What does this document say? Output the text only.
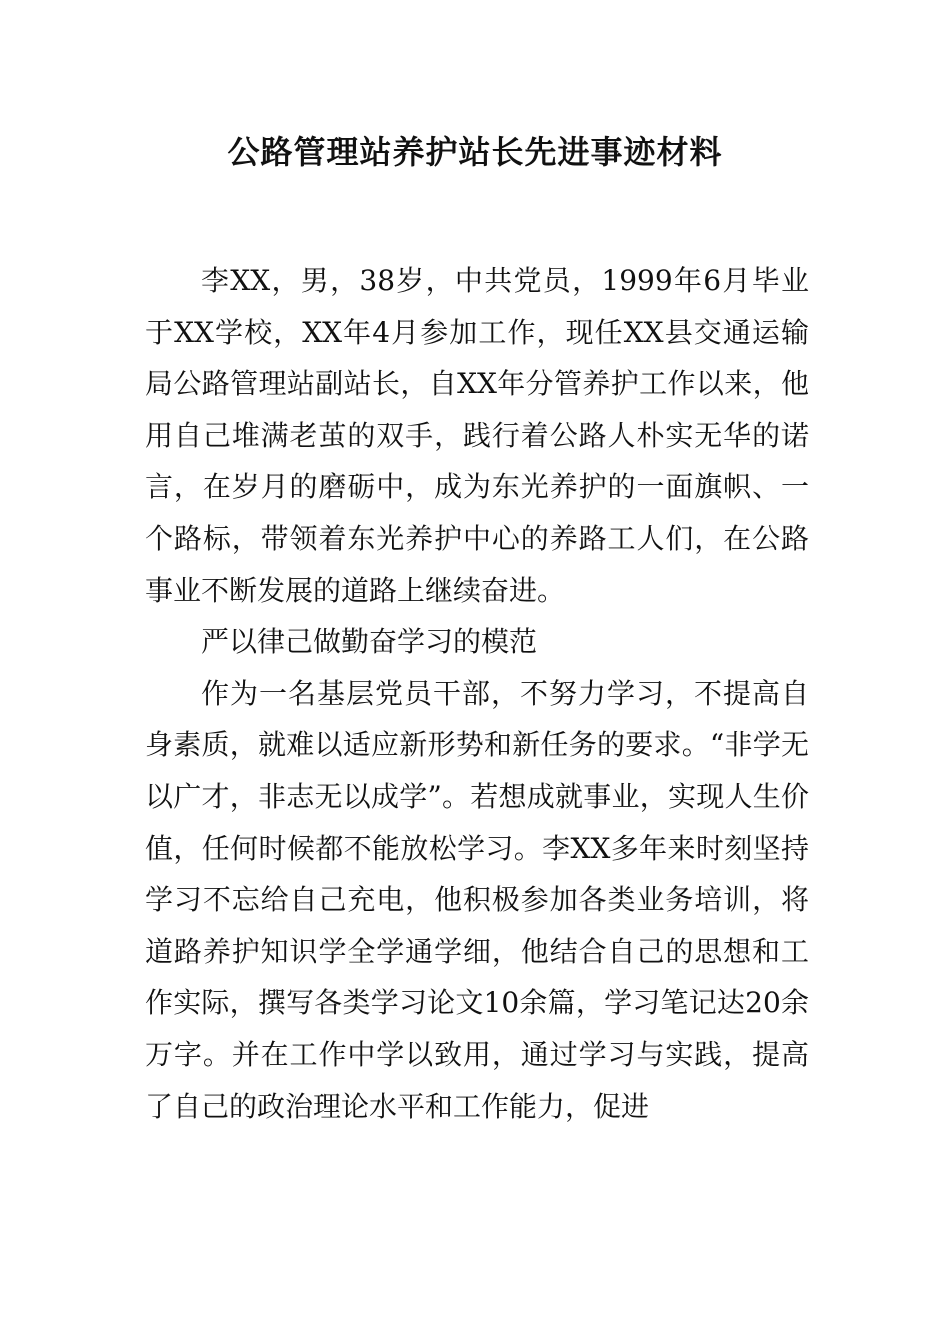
公路管理站养护站长先进事迹材料

李XX，男，38岁，中共党员，1999年6月毕业于XX学校，XX年4月参加工作，现任XX县交通运输局公路管理站副站长，自XX年分管养护工作以来，他用自己堆满老茧的双手，践行着公路人朴实无华的诺言，在岁月的磨砺中，成为东光养护的一面旗帜、一个路标，带领着东光养护中心的养路工人们，在公路事业不断发展的道路上继续奋进。

严以律己做勤奋学习的模范

作为一名基层党员干部，不努力学习，不提高自身素质，就难以适应新形势和新任务的要求。“非学无以广才，非志无以成学”。若想成就事业，实现人生价值，任何时候都不能放松学习。李XX多年来时刻坚持学习不忘给自己充电，他积极参加各类业务培训，将道路养护知识学全学通学细，他结合自己的思想和工作实际，撰写各类学习论文10余篇，学习笔记达20余万字。并在工作中学以致用，通过学习与实践，提高了自己的政治理论水平和工作能力，促进
